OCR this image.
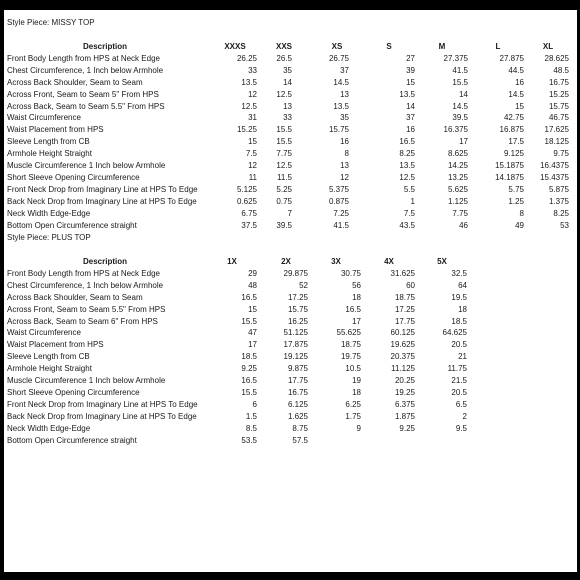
Style Piece: MISSY TOP
Description	XXXS	XXS	XS	S	M	L	XL
Front Body Length from HPS at Neck Edge	26.25	26.5	26.75	27	27.375	27.875	28.625
Chest Circumference, 1 Inch below Armhole	33	35	37	39	41.5	44.5	48.5
Across Back Shoulder, Seam to Seam	13.5	14	14.5	15	15.5	16	16.75
Across Front, Seam to Seam 5" From HPS	12	12.5	13	13.5	14	14.5	15.25
Across Back, Seam to Seam 5.5" From HPS	12.5	13	13.5	14	14.5	15	15.75
Waist Circumference	31	33	35	37	39.5	42.75	46.75
Waist Placement from HPS	15.25	15.5	15.75	16	16.375	16.875	17.625
Sleeve Length from CB	15	15.5	16	16.5	17	17.5	18.125
Armhole Height Straight	7.5	7.75	8	8.25	8.625	9.125	9.75
Muscle Circumference 1 Inch below Armhole	12	12.5	13	13.5	14.25	15.1875	16.4375
Short Sleeve Opening Circumference	11	11.5	12	12.5	13.25	14.1875	15.4375
Front Neck Drop from Imaginary Line at HPS To Edge	5.125	5.25	5.375	5.5	5.625	5.75	5.875
Back Neck Drop from Imaginary Line at HPS To Edge	0.625	0.75	0.875	1	1.125	1.25	1.375
Neck Width Edge-Edge	6.75	7	7.25	7.5	7.75	8	8.25
Bottom Open Circumference straight	37.5	39.5	41.5	43.5	46	49	53
Style Piece: PLUS TOP
Description	1X	2X	3X	4X	5X
Front Body Length from HPS at Neck Edge	29	29.875	30.75	31.625	32.5
Chest Circumference, 1 Inch below Armhole	48	52	56	60	64
Across Back Shoulder, Seam to Seam	16.5	17.25	18	18.75	19.5
Across Front, Seam to Seam 5.5" From HPS	15	15.75	16.5	17.25	18
Across Back, Seam to Seam 6" From HPS	15.5	16.25	17	17.75	18.5
Waist Circumference	47	51.125	55.625	60.125	64.625
Waist Placement from HPS	17	17.875	18.75	19.625	20.5
Sleeve Length from CB	18.5	19.125	19.75	20.375	21
Armhole Height Straight	9.25	9.875	10.5	11.125	11.75
Muscle Circumference 1 Inch below Armhole	16.5	17.75	19	20.25	21.5
Short Sleeve Opening Circumference	15.5	16.75	18	19.25	20.5
Front Neck Drop from Imaginary Line at HPS To Edge	6	6.125	6.25	6.375	6.5
Back Neck Drop from Imaginary Line at HPS To Edge	1.5	1.625	1.75	1.875	2
Neck Width Edge-Edge	8.5	8.75	9	9.25	9.5
Bottom Open Circumference straight	53.5	57.5
